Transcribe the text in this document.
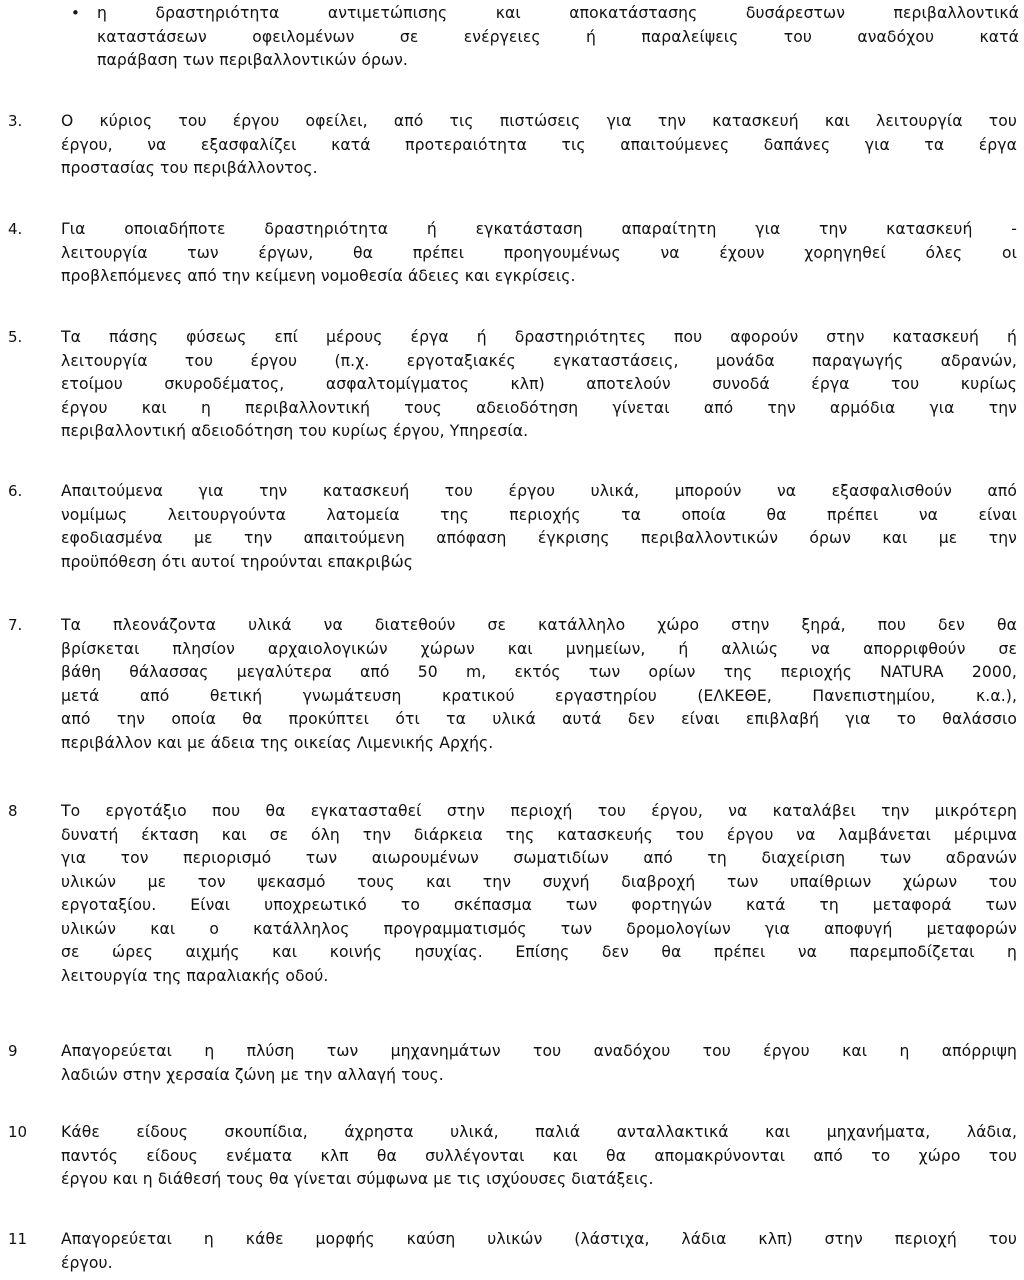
• η δραστηριότητα αντιμετώπισης και αποκατάστασης δυσάρεστων περιβαλλοντικά
καταστάσεων οφειλομένων σε ενέργειες ή παραλείψεις του αναδόχου κατά
παράβαση των περιβαλλοντικών όρων.
3. Ο κύριος του έργου οφείλει, από τις πιστώσεις για την κατασκευή και λειτουργία του
έργου, να εξασφαλίζει κατά προτεραιότητα τις απαιτούμενες δαπάνες για τα έργα
προστασίας του περιβάλλοντος.
4. Για οποιαδήποτε δραστηριότητα ή εγκατάσταση απαραίτητη για την κατασκευή -
λειτουργία των έργων, θα πρέπει προηγουμένως να έχουν χορηγηθεί όλες οι
προβλεπόμενες από την κείμενη νομοθεσία άδειες και εγκρίσεις.
5. Τα πάσης φύσεως επί μέρους έργα ή δραστηριότητες που αφορούν στην κατασκευή ή
λειτουργία του έργου (π.χ. εργοταξιακές εγκαταστάσεις, μονάδα παραγωγής αδρανών,
ετοίμου σκυροδέματος, ασφαλτομίγματος κλπ) αποτελούν συνοδά έργα του κυρίως
έργου και η περιβαλλοντική τους αδειοδότηση γίνεται από την αρμόδια για την
περιβαλλοντική αδειοδότηση του κυρίως έργου, Υπηρεσία.
6. Απαιτούμενα για την κατασκευή του έργου υλικά, μπορούν να εξασφαλισθούν από
νομίμως λειτουργούντα λατομεία της περιοχής τα οποία θα πρέπει να είναι
εφοδιασμένα με την απαιτούμενη απόφαση έγκρισης περιβαλλοντικών όρων και με την
προϋπόθεση ότι αυτοί τηρούνται επακριβώς
7. Τα πλεονάζοντα υλικά να διατεθούν σε κατάλληλο χώρο στην ξηρά, που δεν θα
βρίσκεται πλησίον αρχαιολογικών χώρων και μνημείων, ή αλλιώς να απορριφθούν σε
βάθη θάλασσας μεγαλύτερα από 50 m, εκτός των ορίων της περιοχής NATURA 2000,
μετά από θετική γνωμάτευση κρατικού εργαστηρίου (ΕΛΚΕΘΕ, Πανεπιστημίου, κ.α.),
από την οποία θα προκύπτει ότι τα υλικά αυτά δεν είναι επιβλαβή για το θαλάσσιο
περιβάλλον και με άδεια της οικείας Λιμενικής Αρχής.
8	Το εργοτάξιο που θα εγκατασταθεί στην περιοχή του έργου, να καταλάβει την μικρότερη
δυνατή έκταση και σε όλη την διάρκεια της κατασκευής του έργου να λαμβάνεται μέριμνα
για τον περιορισμό των αιωρουμένων σωματιδίων από τη διαχείριση των αδρανών
υλικών με τον ψεκασμό τους και την συχνή διαβροχή των υπαίθριων χώρων του
εργοταξίου. Είναι υποχρεωτικό το σκέπασμα των φορτηγών κατά τη μεταφορά των
υλικών και ο κατάλληλος προγραμματισμός των δρομολογίων για αποφυγή μεταφορών
σε ώρες αιχμής και κοινής ησυχίας. Επίσης δεν θα πρέπει να παρεμποδίζεται η
λειτουργία της παραλιακής οδού.
9	Απαγορεύεται η πλύση των μηχανημάτων του αναδόχου του έργου και η απόρριψη
λαδιών στην χερσαία ζώνη με την αλλαγή τους.
10 Κάθε είδους σκουπίδια, άχρηστα υλικά, παλιά ανταλλακτικά και μηχανήματα, λάδια,
παντός είδους ενέματα κλπ θα συλλέγονται και θα απομακρύνονται από το χώρο του
έργου και η διάθεσή τους θα γίνεται σύμφωνα με τις ισχύουσες διατάξεις.
11 Απαγορεύεται η κάθε μορφής καύση υλικών (λάστιχα, λάδια κλπ) στην περιοχή του
έργου.
